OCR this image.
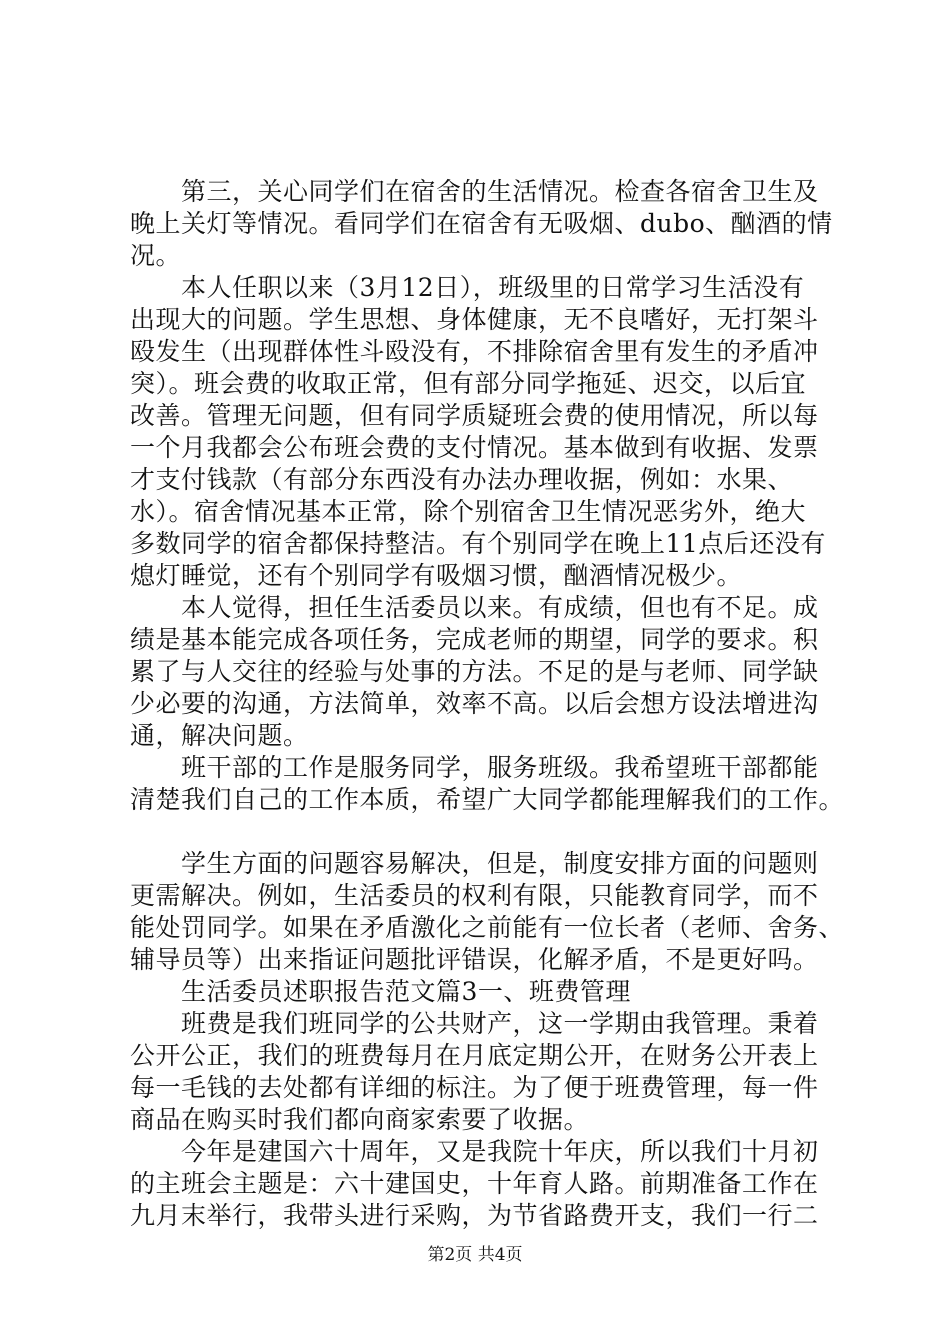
　　第三，关心同学们在宿舍的生活情况。检查各宿舍卫生及
晚上关灯等情况。看同学们在宿舍有无吸烟、dubo、酗酒的情
况。
　　本人任职以来（3月12日），班级里的日常学习生活没有
出现大的问题。学生思想、身体健康，无不良嗜好，无打架斗
殴发生（出现群体性斗殴没有，不排除宿舍里有发生的矛盾冲
突）。班会费的收取正常，但有部分同学拖延、迟交，以后宜
改善。管理无问题，但有同学质疑班会费的使用情况，所以每
一个月我都会公布班会费的支付情况。基本做到有收据、发票
才支付钱款（有部分东西没有办法办理收据，例如：水果、
水）。宿舍情况基本正常，除个别宿舍卫生情况恶劣外，绝大
多数同学的宿舍都保持整洁。有个别同学在晚上11点后还没有
熄灯睡觉，还有个别同学有吸烟习惯，酗酒情况极少。
　　本人觉得，担任生活委员以来。有成绩，但也有不足。成
绩是基本能完成各项任务，完成老师的期望，同学的要求。积
累了与人交往的经验与处事的方法。不足的是与老师、同学缺
少必要的沟通，方法简单，效率不高。以后会想方设法增进沟
通，解决问题。
　　班干部的工作是服务同学，服务班级。我希望班干部都能
清楚我们自己的工作本质，希望广大同学都能理解我们的工作。
　　学生方面的问题容易解决，但是，制度安排方面的问题则
更需解决。例如，生活委员的权利有限，只能教育同学，而不
能处罚同学。如果在矛盾激化之前能有一位长者（老师、舍务、
辅导员等）出来指证问题批评错误，化解矛盾，不是更好吗。
　　生活委员述职报告范文篇3一、班费管理
　　班费是我们班同学的公共财产，这一学期由我管理。秉着
公开公正，我们的班费每月在月底定期公开，在财务公开表上
每一毛钱的去处都有详细的标注。为了便于班费管理，每一件
商品在购买时我们都向商家索要了收据。
　　今年是建国六十周年，又是我院十年庆，所以我们十月初
的主班会主题是：六十建国史，十年育人路。前期准备工作在
九月末举行，我带头进行采购，为节省路费开支，我们一行二
第2页 共4页
